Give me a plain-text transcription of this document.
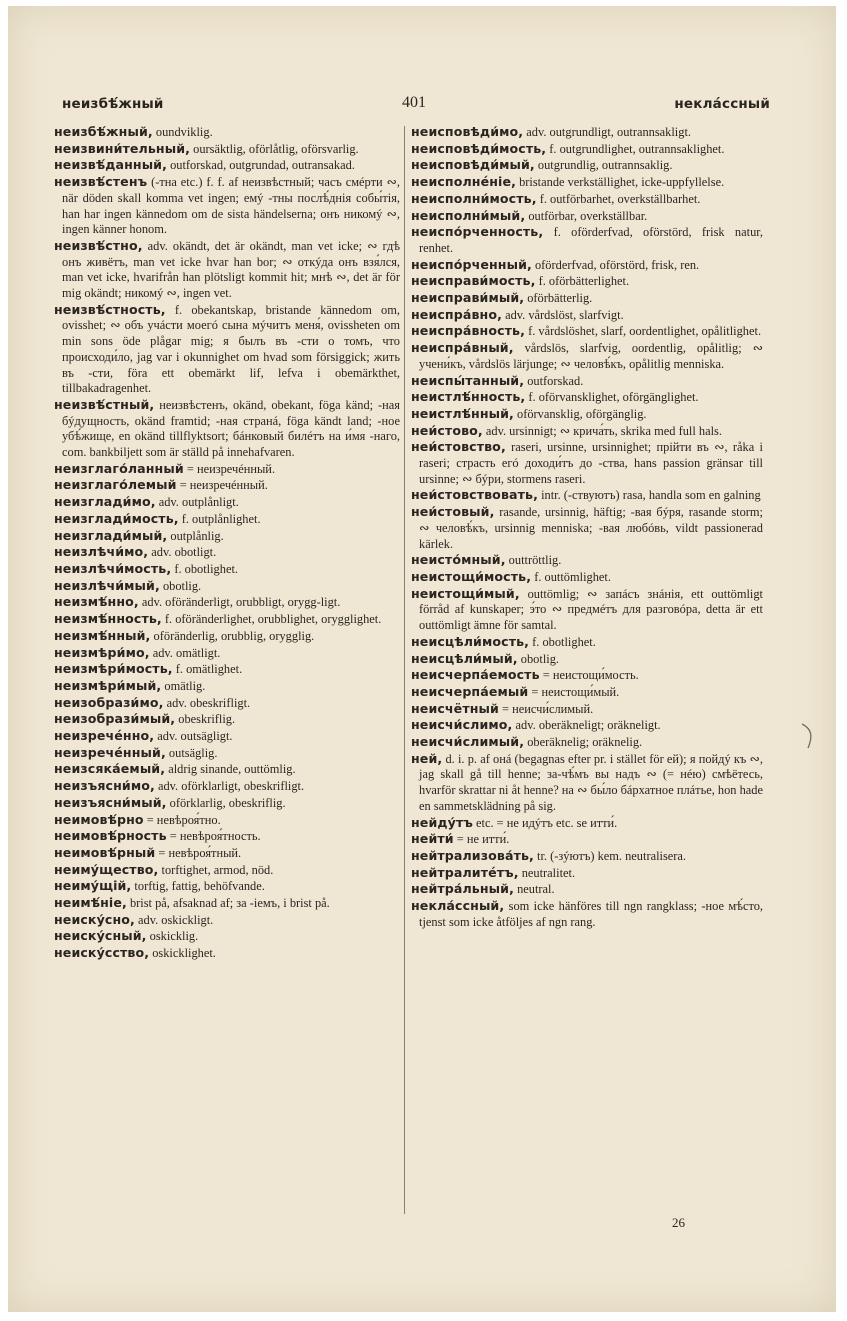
неизбѣ́жный	401	некла́ссный
неизбѣ́жный, oundviklig.
неизвини́тельный, oursäktlig, oförlåtlig, oförsvarlig.
неизвѣ́данный, outforskad, outgrundad, outransakad.
неизвѣ́стенъ (-тна etc.) f. f. af неизвѣстный; часъ смéрти ∾, när döden skall komma vet ingen; емý -тны послѣ́днія собы́тія, han har ingen kännedom om de sista händelserna; онъ никомý ∾, ingen känner honom.
неизвѣ́стно, adv. okändt, det är okändt, man vet icke; ∾ гдѣ онъ живётъ, man vet icke hvar han bor; ∾ откýда онъ взя́лся, man vet icke, hvarifrån han plötsligt kommit hit; мнѣ ∾, det är för mig okändt; никомý ∾, ingen vet.
неизвѣ́стность, f. obekantskap, bristande kännedom om, ovisshet; ∾ объ учáсти моегó сына мýчитъ меня́, ovissheten om min sons öde plågar mig; я былъ въ -сти о томъ, что происходи́ло, jag var i okunnighet om hvad som försiggick; жить въ -сти, föra ett obemärkt lif, lefva i obemärkthet, tillbakadragenhet.
неизвѣ́стный, неизвѣстенъ, okänd, obekant, föga känd; -ная бýдущность, okänd framtid; -ная странá, föga kändt land; -ное убѣ́жище, en okänd tillflyktsort; бáнковый билéтъ на и́мя -наго, com. bankbiljett som är ställd på innehafvaren.
неизглаго́ланный = неизречéнный.
неизглаго́лемый = неизречéнный.
неизглади́мо, adv. outplånligt.
неизглади́мость, f. outplånlighet.
неизглади́мый, outplånlig.
неизлѣчи́мо, adv. obotligt.
неизлѣчи́мость, f. obotlighet.
неизлѣчи́мый, obotlig.
неизмѣ́нно, adv. oföränderligt, orubbligt, orygg-ligt.
неизмѣ́нность, f. oföränderlighet, orubblighet, orygglighet.
неизмѣ́нный, oföränderlig, orubblig, orygglig.
неизмѣри́мо, adv. omätligt.
неизмѣри́мость, f. omätlighet.
неизмѣри́мый, omätlig.
неизобрази́мо, adv. obeskrifligt.
неизобрази́мый, obeskriflig.
неизречéнно, adv. outsägligt.
неизречéнный, outsäglig.
неизсяка́емый, aldrig sinande, outtömlig.
неизъясни́мо, adv. oförklarligt, obeskrifligt.
неизъясни́мый, oförklarlig, obeskriflig.
неимовѣ́рно = невѣроя́тно.
неимовѣ́рность = невѣроя́тность.
неимовѣ́рный = невѣроя́тный.
неиму́щество, torftighet, armod, nöd.
неиму́щій, torftig, fattig, behöfvande.
неимѣ́ніе, brist på, afsaknad af; за -іемъ, i brist på.
неиску́сно, adv. oskickligt.
неиску́сный, oskicklig.
неиску́сство, oskicklighet.
неисповѣди́мо, adv. outgrundligt, outrannsakligt.
неисповѣди́мость, f. outgrundlighet, outrannsaklighet.
неисповѣди́мый, outgrundlig, outrannsaklig.
неисполнéніе, bristande verkställighet, icke-uppfyllelse.
неисполни́мость, f. outförbarhet, overkställbarhet.
неисполни́мый, outförbar, overkställbar.
неиспо́рченность, f. oförderfvad, oförstörd, frisk natur, renhet.
неиспо́рченный, oförderfvad, oförstörd, frisk, ren.
неисправи́мость, f. oförbätterlighet.
неисправи́мый, oförbätterlig.
неиспра́вно, adv. vårdslöst, slarfvigt.
неиспра́вность, f. vårdslöshet, slarf, oordentlighet, opålitlighet.
неиспра́вный, vårdslös, slarfvig, oordentlig, opålitlig; ∾ учени́къ, vårdslös lärjunge; ∾ человѣ́къ, opålitlig menniska.
неиспы́танный, outforskad.
неистлѣ́нность, f. oförvansklighet, oförgänglighet.
неистлѣ́нный, oförvansklig, oförgänglig.
неи́стово, adv. ursinnigt; ∾ крича́ть, skrika med full hals.
неи́стовство, raseri, ursinne, ursinnighet; прійти въ ∾, råka i raseri; страсть егó доходи́тъ до -ства, hans passion gränsar till ursinne; ∾ бýри, stormens raseri.
неи́стовствовать, intr. (-ствуютъ) rasa, handla som en galning
неи́стовый, rasande, ursinnig, häftig; -вая бýря, rasande storm; ∾ человѣ́къ, ursinnig menniska; -вая любóвь, vildt passionerad kärlek.
неисто́мный, outtröttlig.
неистощи́мость, f. outtömlighet.
неистощи́мый, outtömlig; ∾ запáсъ знáнія, ett outtömligt förråd af kunskaper; э́то ∾ предмéтъ для разговóра, detta är ett outtömligt ämne för samtal.
неисцѣли́мость, f. obotlighet.
неисцѣли́мый, obotlig.
неисчерпа́емость = неистощи́мость.
неисчерпа́емый = неистощи́мый.
неисчётный = неисчи́слимый.
неисчи́слимо, adv. oberäkneligt; oräkneligt.
неисчи́слимый, oberäknelig; oräknelig.
ней, d. i. p. af онá (begagnas efter pr. i stället för ей); я пойдý къ ∾, jag skall gå till henne; за-чѣ́мъ вы надъ ∾ (= нéю) смѣётесь, hvarför skrattar ni åt henne? на ∾ бы́ло бáрхатное плáтье, hon hade en sammetsklädning på sig.
нейду́тъ etc. = не идýтъ etc. se итти́.
нейти́ = не итти́.
нейтрализова́ть, tr. (-зýютъ) kem. neutralisera.
нейтралитéтъ, neutralitet.
нейтра́льный, neutral.
некла́ссный, som icke hänföres till ngn rangklass; -ное мѣ́сто, tjenst som icke åtföljes af ngn rang.
26
